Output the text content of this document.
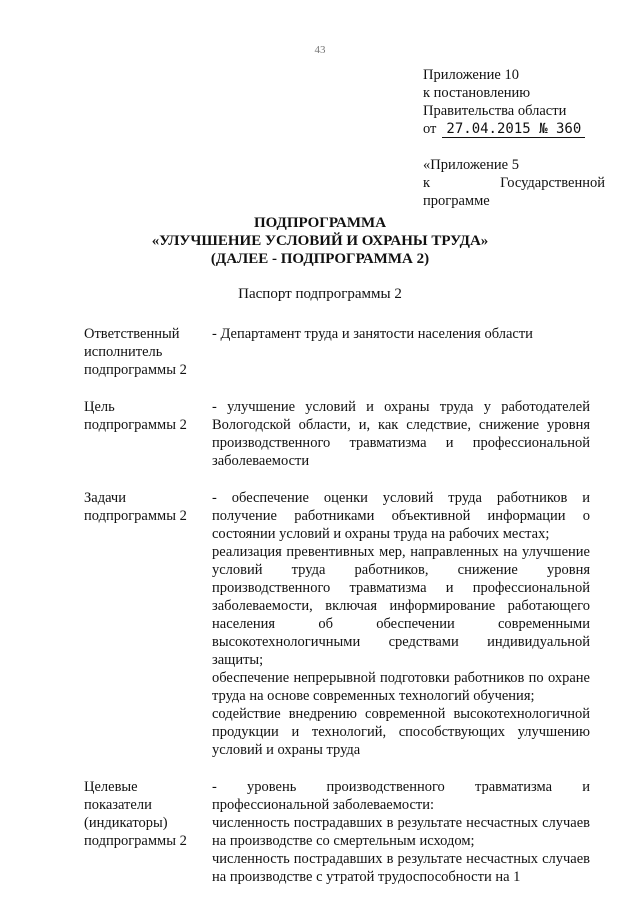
43
Приложение 10
к постановлению
Правительства области
от 27.04.2015 № 360
«Приложение 5
к	Государственной
программе
ПОДПРОГРАММА
«УЛУЧШЕНИЕ УСЛОВИЙ И ОХРАНЫ ТРУДА»
(ДАЛЕЕ - ПОДПРОГРАММА 2)
Паспорт подпрограммы 2
Ответственный
исполнитель
подпрограммы 2

- Департамент труда и занятости населения области

Цель
подпрограммы 2

- улучшение условий и охраны труда у работодателей Вологодской области, и, как следствие, снижение уровня производственного травматизма и профессиональной заболеваемости

Задачи
подпрограммы 2

- обеспечение оценки условий труда работников и получение работниками объективной информации о состоянии условий и охраны труда на рабочих местах;

реализация превентивных мер, направленных на улучшение условий труда работников, снижение уровня производственного травматизма и профессиональной заболеваемости, включая информирование работающего населения об обеспечении современными высокотехнологичными средствами индивидуальной защиты;

обеспечение непрерывной подготовки работников по охране труда на основе современных технологий обучения;

содействие внедрению современной высокотехнологичной продукции и технологий, способствующих улучшению условий и охраны труда

Целевые
показатели
(индикаторы)
подпрограммы 2

- уровень производственного травматизма и профессиональной заболеваемости:

численность пострадавших в результате несчастных случаев на производстве со смертельным исходом;

численность пострадавших в результате несчастных случаев на производстве с утратой трудоспособности на 1
